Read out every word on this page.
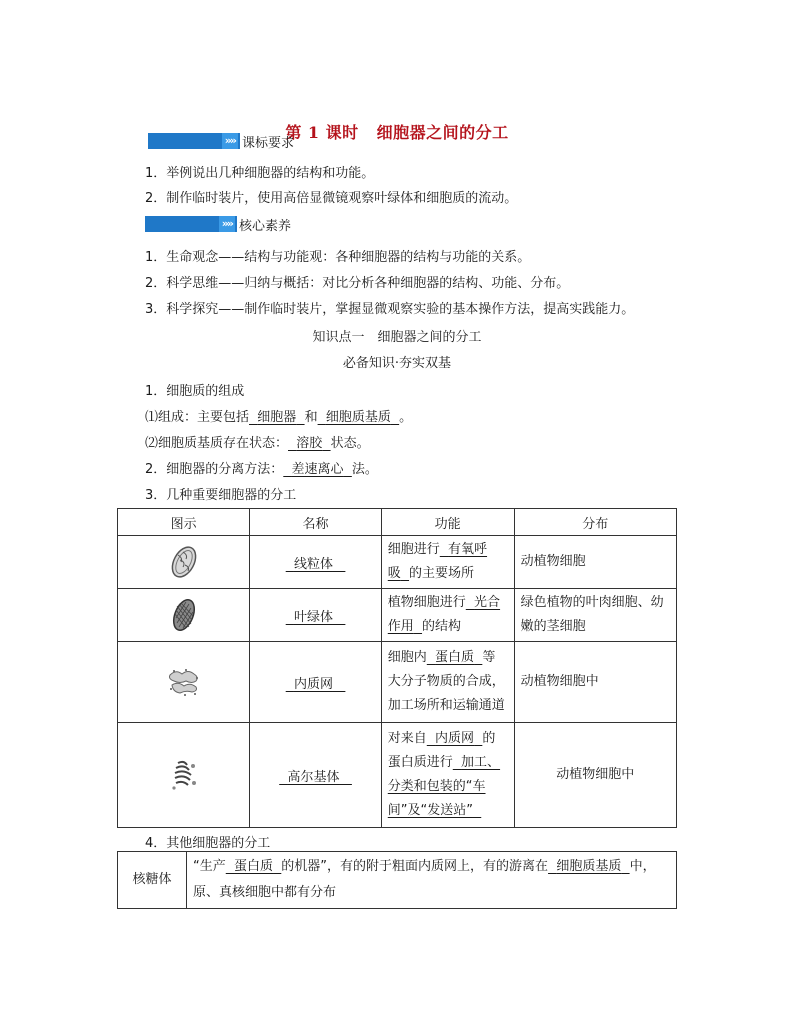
第 1 课时 细胞器之间的分工
»» 课标要求
1．举例说出几种细胞器的结构和功能。
2．制作临时装片，使用高倍显微镜观察叶绿体和细胞质的流动。
»» 核心素养
1．生命观念——结构与功能观：各种细胞器的结构与功能的关系。
2．科学思维——归纳与概括：对比分析各种细胞器的结构、功能、分布。
3．科学探究——制作临时装片，掌握显微观察实验的基本操作方法，提高实践能力。
知识点一　细胞器之间的分工
必备知识·夯实双基
1．细胞质的组成
⑴组成：主要包括 细胞器 和 细胞质基质 。
⑵细胞质基质存在状态： 溶胶 状态。
2．细胞器的分离方法： 差速离心 法。
3．几种重要细胞器的分工
图示	名称	功能	分布

	线粒体	细胞进行 有氧呼吸 的主要场所	动植物细胞

	叶绿体	植物细胞进行 光合作用 的结构	绿色植物的叶肉细胞、幼嫩的茎细胞

	内质网	细胞内 蛋白质 等大分子物质的合成，加工场所和运输通道	动植物细胞中

	高尔基体	对来自 内质网 的蛋白质进行 加工、分类和包装的“车间”及“发送站”	动植物细胞中
4．其他细胞器的分工
核糖体	“生产 蛋白质 的机器”，有的附于粗面内质网上，有的游离在 细胞质基质 中，原、真核细胞中都有分布
